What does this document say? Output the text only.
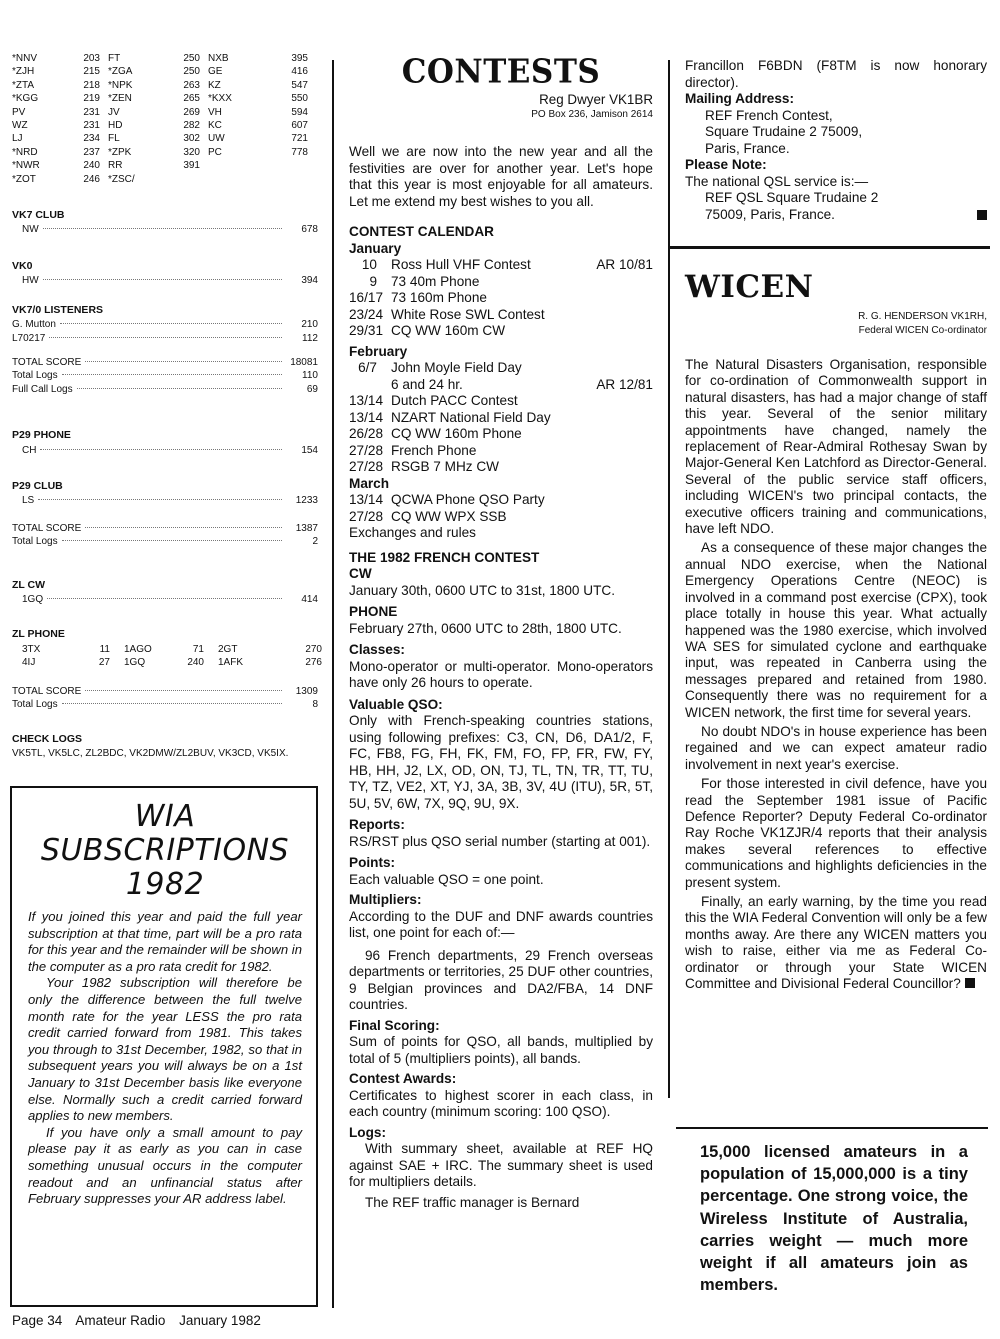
*NNV	203 FT	250 NXB	395
*ZJH	215 *ZGA	250 GE	416
*ZTA	218 *NPK	263 KZ	547
*KGG	219 *ZEN	265 *KXX	550
PV	231 JV	269 VH	594
WZ	231 HD	282 KC	607
LJ	234 FL	302 UW	721
*NRD	237 *ZPK	320 PC	778
*NWR	240 RR	391
*ZOT	246 *ZSC/
VK7 CLUB
NW	678
VK0
HW	394
VK7/0 LISTENERS
G. Mutton	210
L70217	112
TOTAL SCORE	18081
Total Logs	110
Full Call Logs	69
P29 PHONE
CH	154
P29 CLUB
LS	1233
TOTAL SCORE	1387
Total Logs	2
ZL CW
1GQ	414
ZL PHONE
3TX	11	1AGO	71	2GT	270
4IJ	27	1GQ	240	1AFK	276
TOTAL SCORE	1309
Total Logs	8
CHECK LOGS
VK5TL, VK5LC, ZL2BDC, VK2DMW/ZL2BUV, VK3CD, VK5IX.
WIA
SUBSCRIPTIONS
1982

If you joined this year and paid the full year subscription at that time, part will be a pro rata for this year and the remainder will be shown in the computer as a pro rata credit for 1982.

Your 1982 subscription will therefore be only the difference between the full twelve month rate for the year LESS the pro rata credit carried forward from 1981. This takes you through to 31st December, 1982, so that in subsequent years you will always be on a 1st January to 31st December basis like everyone else. Normally such a credit carried forward applies to new members.

If you have only a small amount to pay please pay it as early as you can in case something unusual occurs in the computer readout and an unfinancial status after February suppresses your AR address label.

CONTESTS
Reg Dwyer VK1BR
PO Box 236, Jamison 2614
Well we are now into the new year and all the festivities are over for another year. Let's hope that this year is most enjoyable for all amateurs. Let me extend my best wishes to you all.
CONTEST CALENDAR
January
10	Ross Hull VHF Contest	AR 10/81
9	73 40m Phone
16/17 73 160m Phone
23/24 White Rose SWL Contest
29/31 CQ WW 160m CW
February
6/7	John Moyle Field Day
6 and 24 hr.	AR 12/81
13/14 Dutch PACC Contest
13/14 NZART National Field Day
26/28 CQ WW 160m Phone
27/28 French Phone
27/28 RSGB 7 MHz CW
March
13/14 QCWA Phone QSO Party
27/28 CQ WW WPX SSB
Exchanges and rules
THE 1982 FRENCH CONTEST
CW
January 30th, 0600 UTC to 31st, 1800 UTC.
PHONE
February 27th, 0600 UTC to 28th, 1800 UTC.
Classes:
Mono-operator or multi-operator. Mono-operators have only 26 hours to operate.
Valuable QSO:
Only with French-speaking countries stations, using following prefixes: C3, CN, D6, DA1/2, F, FC, FB8, FG, FH, FK, FM, FO, FP, FR, FW, FY, HB, HH, J2, LX, OD, ON, TJ, TL, TN, TR, TT, TU, TY, TZ, VE2, XT, YJ, 3A, 3B, 3V, 4U (ITU), 5R, 5T, 5U, 5V, 6W, 7X, 9Q, 9U, 9X.
Reports:
RS/RST plus QSO serial number (starting at 001).
Points:
Each valuable QSO = one point.
Multipliers:
According to the DUF and DNF awards countries list, one point for each of:—
96 French departments, 29 French overseas departments or territories, 25 DUF other countries, 9 Belgian provinces and DA2/FBA, 14 DNF countries.
Final Scoring:
Sum of points for QSO, all bands, multiplied by total of 5 (multipliers points), all bands.
Contest Awards:
Certificates to highest scorer in each class, in each country (minimum scoring: 100 QSO).
Logs:
With summary sheet, available at REF HQ against SAE + IRC. The summary sheet is used for multipliers details.
The REF traffic manager is Bernard
Francillon F6BDN (F8TM is now honorary director).
Mailing Address:
REF French Contest,
Square Trudaine 2 75009,
Paris, France.
Please Note:
The national QSL service is:—
REF QSL Square Trudaine 2
75009, Paris, France.
WICEN
R. G. HENDERSON VK1RH,
Federal WICEN Co-ordinator

The Natural Disasters Organisation, responsible for co-ordination of Commonwealth support in natural disasters, has had a major change of staff this year. Several of the senior military appointments have changed, namely the replacement of Rear-Admiral Rothesay Swan by Major-General Ken Latchford as Director-General. Several of the public service staff officers, including WICEN's two principal contacts, the executive officers training and communications, have left NDO.

As a consequence of these major changes the annual NDO exercise, when the National Emergency Operations Centre (NEOC) is involved in a command post exercise (CPX), took place totally in house this year. What actually happened was the 1980 exercise, which involved WA SES for simulated cyclone and earthquake input, was repeated in Canberra using the messages prepared and retained from 1980. Consequently there was no requirement for a WICEN network, the first time for several years.

No doubt NDO's in house experience has been regained and we can expect amateur radio involvement in next year's exercise.

For those interested in civil defence, have you read the September 1981 issue of Pacific Defence Reporter? Deputy Federal Co-ordinator Ray Roche VK1ZJR/4 reports that their analysis makes several references to effective communications and highlights deficiencies in the present system.

Finally, an early warning, by the time you read this the WIA Federal Convention will only be a few months away. Are there any WICEN matters you wish to raise, either via me as Federal Co-ordinator or through your State WICEN Committee and Divisional Federal Councillor?

15,000 licensed amateurs in a population of 15,000,000 is a tiny percentage. One strong voice, the Wireless Institute of Australia, carries weight — much more weight if all amateurs join as members.
Page 34 Amateur Radio January 1982
